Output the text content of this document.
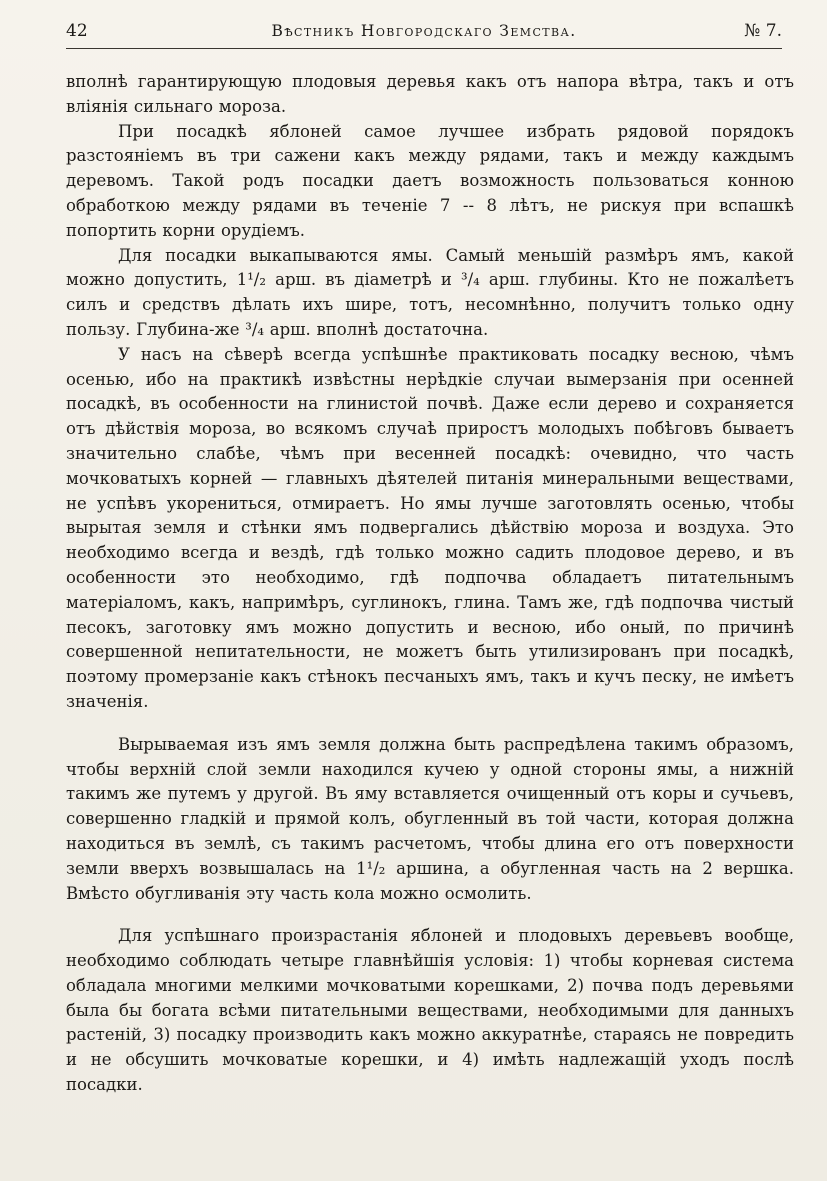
42	Вѣстникъ Новгородскаго Земства.	№ 7.

вполнѣ гарантирующую плодовыя деревья какъ отъ напора вѣтра, такъ и отъ вліянія сильнаго мороза.

При посадкѣ яблоней самое лучшее избрать рядовой порядокъ разстояніемъ въ три сажени какъ между рядами, такъ и между каждымъ деревомъ. Такой родъ посадки даетъ возможность пользоваться конною обработкою между рядами въ теченіе 7 -- 8 лѣтъ, не рискуя при вспашкѣ попортить корни орудіемъ.

Для посадки выкапываются ямы. Самый меньшій размѣръ ямъ, какой можно допустить, 1¹/₂ арш. въ діаметрѣ и ³/₄ арш. глубины. Кто не пожалѣетъ силъ и средствъ дѣлать ихъ шире, тотъ, несомнѣнно, получитъ только одну пользу. Глубина-же ³/₄ арш. вполнѣ достаточна.

У насъ на сѣверѣ всегда успѣшнѣе практиковать посадку весною, чѣмъ осенью, ибо на практикѣ извѣстны нерѣдкіе случаи вымерзанія при осенней посадкѣ, въ особенности на глинистой почвѣ. Даже если дерево и сохраняется отъ дѣйствія мороза, во всякомъ случаѣ приростъ молодыхъ побѣговъ бываетъ значительно слабѣе, чѣмъ при весенней посадкѣ: очевидно, что часть мочковатыхъ корней — главныхъ дѣятелей питанія минеральными веществами, не успѣвъ укорениться, отмираетъ. Но ямы лучше заготовлять осенью, чтобы вырытая земля и стѣнки ямъ подвергались дѣйствію мороза и воздуха. Это необходимо всегда и вездѣ, гдѣ только можно садить плодовое дерево, и въ особенности это необходимо, гдѣ подпочва обладаетъ питательнымъ матеріаломъ, какъ, напримѣръ, суглинокъ, глина. Тамъ же, гдѣ подпочва чистый песокъ, заготовку ямъ можно допустить и весною, ибо оный, по причинѣ совершенной непитательности, не можетъ быть утилизированъ при посадкѣ, поэтому промерзаніе какъ стѣнокъ песчаныхъ ямъ, такъ и кучъ песку, не имѣетъ значенія.

Вырываемая изъ ямъ земля должна быть распредѣлена такимъ образомъ, чтобы верхній слой земли находился кучею у одной стороны ямы, а нижній такимъ же путемъ у другой. Въ яму вставляется очищенный отъ коры и сучьевъ, совершенно гладкій и прямой колъ, обугленный въ той части, которая должна находиться въ землѣ, съ такимъ расчетомъ, чтобы длина его отъ поверхности земли вверхъ возвышалась на 1¹/₂ аршина, а обугленная часть на 2 вершка. Вмѣсто обугливанія эту часть кола можно осмолить.

Для успѣшнаго произрастанія яблоней и плодовыхъ деревьевъ вообще, необходимо соблюдать четыре главнѣйшія условія: 1) чтобы корневая система обладала многими мелкими мочковатыми корешками, 2) почва подъ деревьями была бы богата всѣми питательными веществами, необходимыми для данныхъ растеній, 3) посадку производить какъ можно аккуратнѣе, стараясь не повредить и не обсушить мочковатые корешки, и 4) имѣть надлежащій уходъ послѣ посадки.
